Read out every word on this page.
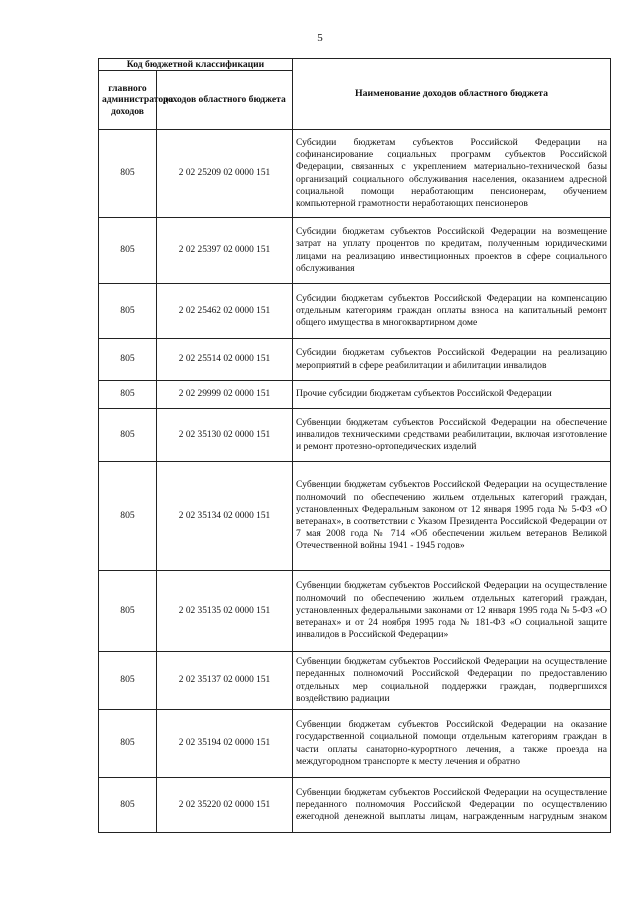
5
Код бюджетной классификации		Наименование доходов областного бюджета
главного администратора доходов	доходов областного бюджета	
805	2 02 25209 02 0000 151	Субсидии бюджетам субъектов Российской Федерации на софинансирование социальных программ субъектов Российской Федерации, связанных с укреплением материально-технической базы организаций социального обслуживания населения, оказанием адресной социальной помощи неработающим пенсионерам, обучением компьютерной грамотности неработающих пенсионеров
805	2 02 25397 02 0000 151	Субсидии бюджетам субъектов Российской Федерации на возмещение затрат на уплату процентов по кредитам, полученным юридическими лицами на реализацию инвестиционных проектов в сфере социального обслуживания
805	2 02 25462 02 0000 151	Субсидии бюджетам субъектов Российской Федерации на компенсацию отдельным категориям граждан оплаты взноса на капитальный ремонт общего имущества в многоквартирном доме
805	2 02 25514 02 0000 151	Субсидии бюджетам субъектов Российской Федерации на реализацию мероприятий в сфере реабилитации и абилитации инвалидов
805	2 02 29999 02 0000 151	Прочие субсидии бюджетам субъектов Российской Федерации
805	2 02 35130 02 0000 151	Субвенции бюджетам субъектов Российской Федерации на обеспечение инвалидов техническими средствами реабилитации, включая изготовление и ремонт протезно-ортопедических изделий
805	2 02 35134 02 0000 151	Субвенции бюджетам субъектов Российской Федерации на осуществление полномочий по обеспечению жильем отдельных категорий граждан, установленных Федеральным законом от 12 января 1995 года № 5-ФЗ «О ветеранах», в соответствии с Указом Президента Российской Федерации от 7 мая 2008 года № 714 «Об обеспечении жильем ветеранов Великой Отечественной войны 1941 - 1945 годов»
805	2 02 35135 02 0000 151	Субвенции бюджетам субъектов Российской Федерации на осуществление полномочий по обеспечению жильем отдельных категорий граждан, установленных федеральными законами от 12 января 1995 года № 5-ФЗ «О ветеранах» и от 24 ноября 1995 года № 181-ФЗ «О социальной защите инвалидов в Российской Федерации»
805	2 02 35137 02 0000 151	Субвенции бюджетам субъектов Российской Федерации на осуществление переданных полномочий Российской Федерации по предоставлению отдельных мер социальной поддержки граждан, подвергшихся воздействию радиации
805	2 02 35194 02 0000 151	Субвенции бюджетам субъектов Российской Федерации на оказание государственной социальной помощи отдельным категориям граждан в части оплаты санаторно-курортного лечения, а также проезда на междугородном транспорте к месту лечения и обратно
805	2 02 35220 02 0000 151	Субвенции бюджетам субъектов Российской Федерации на осуществление переданного полномочия Российской Федерации по осуществлению ежегодной денежной выплаты лицам, награжденным нагрудным знаком
